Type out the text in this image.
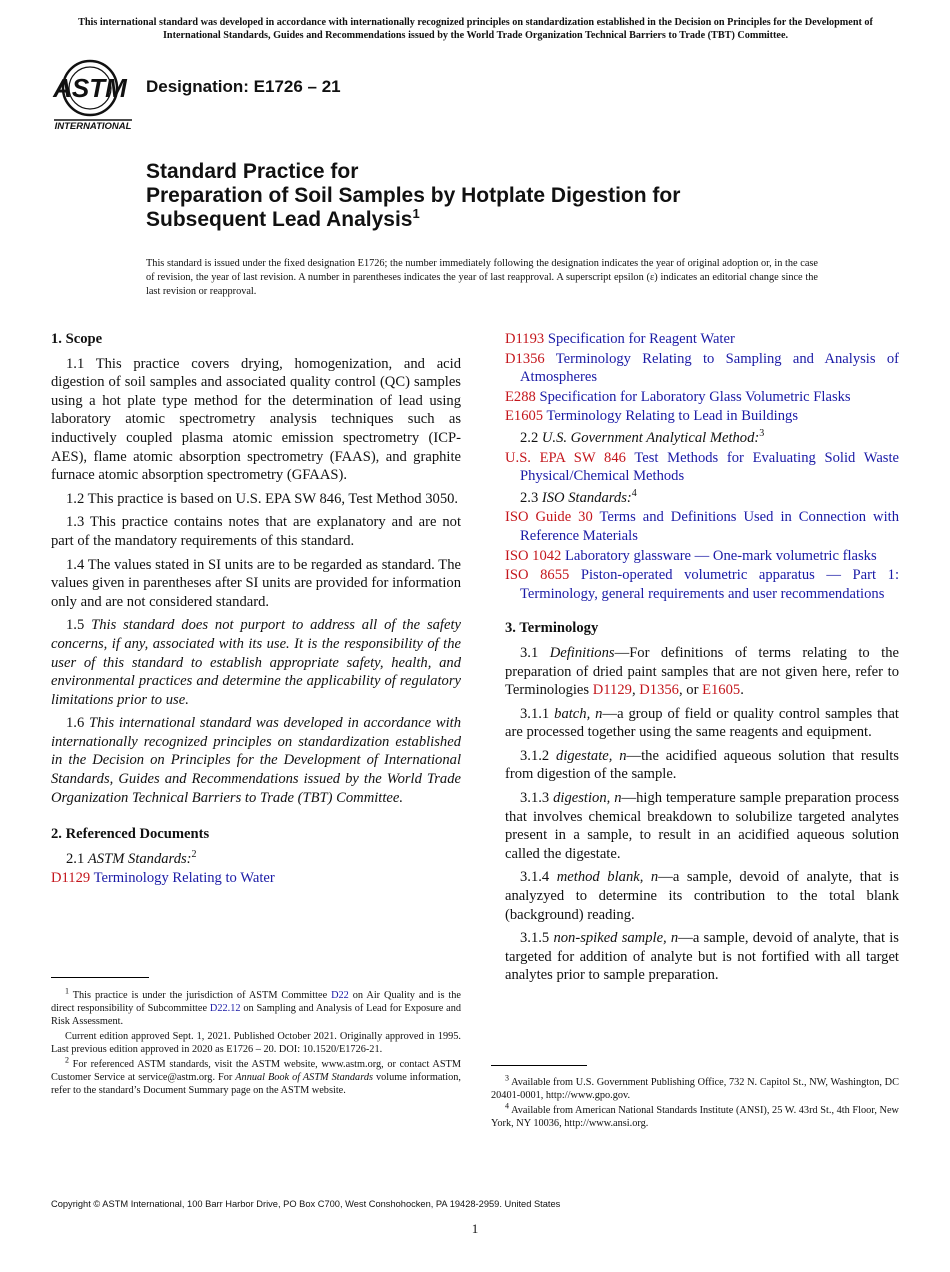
This international standard was developed in accordance with internationally recognized principles on standardization established in the Decision on Principles for the Development of International Standards, Guides and Recommendations issued by the World Trade Organization Technical Barriers to Trade (TBT) Committee.
ASTM
INTERNATIONAL
Designation: E1726 – 21
Standard Practice for
Preparation of Soil Samples by Hotplate Digestion for
Subsequent Lead Analysis$^1$
This standard is issued under the fixed designation E1726; the number immediately following the designation indicates the year of original adoption or, in the case of revision, the year of last revision. A number in parentheses indicates the year of last reapproval. A superscript epsilon (ε) indicates an editorial change since the last revision or reapproval.
1. Scope

1.1 This practice covers drying, homogenization, and acid digestion of soil samples and associated quality control (QC) samples using a hot plate type method for the determination of lead using laboratory atomic spectrometry analysis techniques such as inductively coupled plasma atomic emission spectrometry (ICP-AES), flame atomic absorption spectrometry (FAAS), and graphite furnace atomic absorption spectrometry (GFAAS).

1.2 This practice is based on U.S. EPA SW 846, Test Method 3050.

1.3 This practice contains notes that are explanatory and are not part of the mandatory requirements of this standard.

1.4 The values stated in SI units are to be regarded as standard. The values given in parentheses after SI units are provided for information only and are not considered standard.

1.5 This standard does not purport to address all of the safety concerns, if any, associated with its use. It is the responsibility of the user of this standard to establish appropriate safety, health, and environmental practices and determine the applicability of regulatory limitations prior to use.

1.6 This international standard was developed in accordance with internationally recognized principles on standardization established in the Decision on Principles for the Development of International Standards, Guides and Recommendations issued by the World Trade Organization Technical Barriers to Trade (TBT) Committee.

2. Referenced Documents
2.1 ASTM Standards:$^2$
D1129 Terminology Relating to Water

$^1$ This practice is under the jurisdiction of ASTM Committee D22 on Air Quality and is the direct responsibility of Subcommittee D22.12 on Sampling and Analysis of Lead for Exposure and Risk Assessment.

Current edition approved Sept. 1, 2021. Published October 2021. Originally approved in 1995. Last previous edition approved in 2020 as E1726 – 20. DOI: 10.1520/E1726-21.

$^2$ For referenced ASTM standards, visit the ASTM website, www.astm.org, or contact ASTM Customer Service at service@astm.org. For Annual Book of ASTM Standards volume information, refer to the standard’s Document Summary page on the ASTM website.

D1193 Specification for Reagent Water
D1356 Terminology Relating to Sampling and Analysis of Atmospheres
E288 Specification for Laboratory Glass Volumetric Flasks
E1605 Terminology Relating to Lead in Buildings
2.2 U.S. Government Analytical Method:$^3$
U.S. EPA SW 846 Test Methods for Evaluating Solid Waste Physical/Chemical Methods
2.3 ISO Standards:$^4$
ISO Guide 30 Terms and Definitions Used in Connection with Reference Materials
ISO 1042 Laboratory glassware — One-mark volumetric flasks
ISO 8655 Piston-operated volumetric apparatus — Part 1: Terminology, general requirements and user recommendations
3. Terminology

3.1 Definitions—For definitions of terms relating to the preparation of dried paint samples that are not given here, refer to Terminologies D1129, D1356, or E1605.

3.1.1 batch, n—a group of field or quality control samples that are processed together using the same reagents and equipment.

3.1.2 digestate, n—the acidified aqueous solution that results from digestion of the sample.

3.1.3 digestion, n—high temperature sample preparation process that involves chemical breakdown to solubilize targeted analytes present in a sample, to result in an acidified aqueous solution called the digestate.

3.1.4 method blank, n—a sample, devoid of analyte, that is analyzyed to determine its contribution to the total blank (background) reading.

3.1.5 non-spiked sample, n—a sample, devoid of analyte, that is targeted for addition of analyte but is not fortified with all target analytes prior to sample preparation.

$^3$ Available from U.S. Government Publishing Office, 732 N. Capitol St., NW, Washington, DC 20401-0001, http://www.gpo.gov.

$^4$ Available from American National Standards Institute (ANSI), 25 W. 43rd St., 4th Floor, New York, NY 10036, http://www.ansi.org.

Copyright © ASTM International, 100 Barr Harbor Drive, PO Box C700, West Conshohocken, PA 19428-2959. United States
1
